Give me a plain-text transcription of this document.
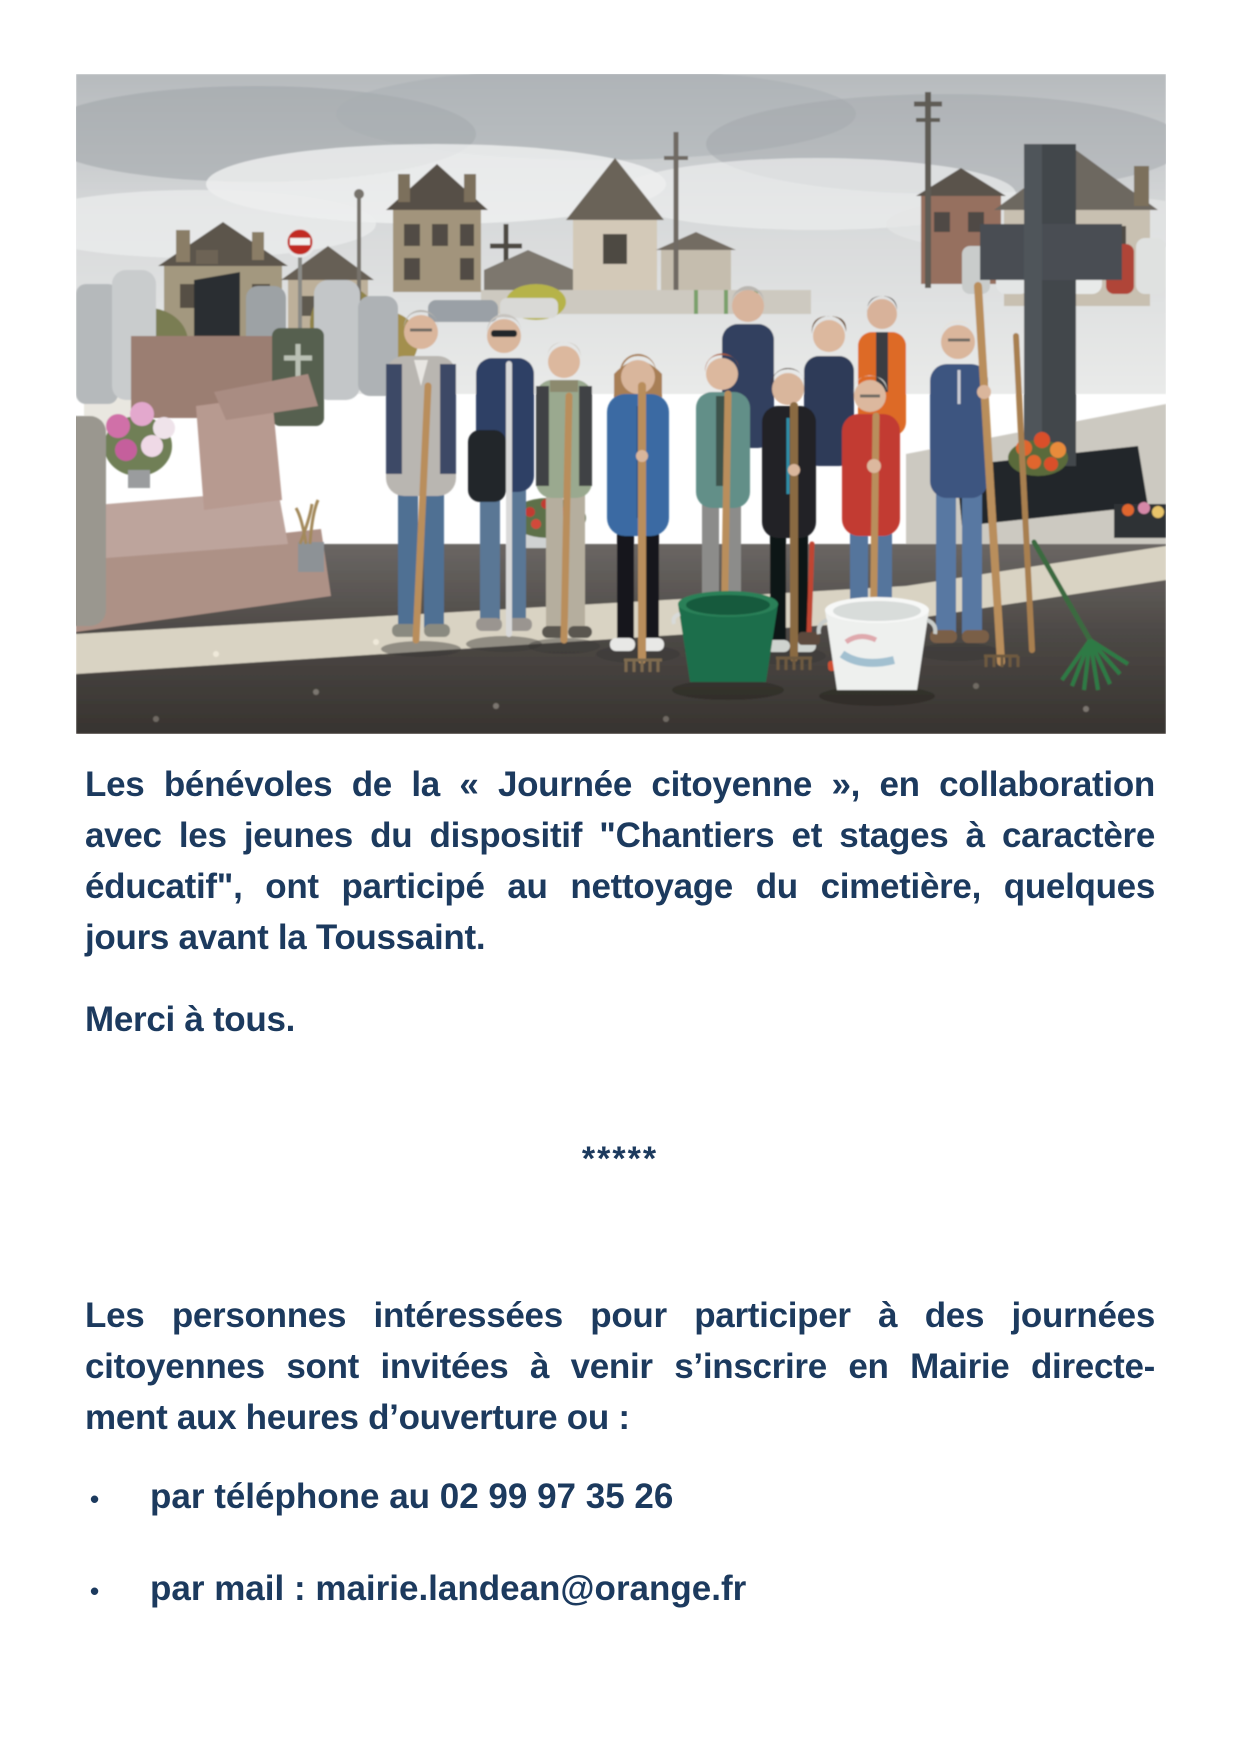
Les bénévoles de la « Journée citoyenne », en collaboration
avec les jeunes du dispositif "Chantiers et stages à caractère
éducatif", ont participé au nettoyage du cimetière, quelques
jours avant la Toussaint.
Merci à tous.
*****
Les personnes intéressées pour participer à des journées
citoyennes sont invitées à venir s’inscrire en Mairie directe-
ment aux heures d’ouverture ou :
•	par téléphone au 02 99 97 35 26
•	par mail : mairie.landean@orange.fr
